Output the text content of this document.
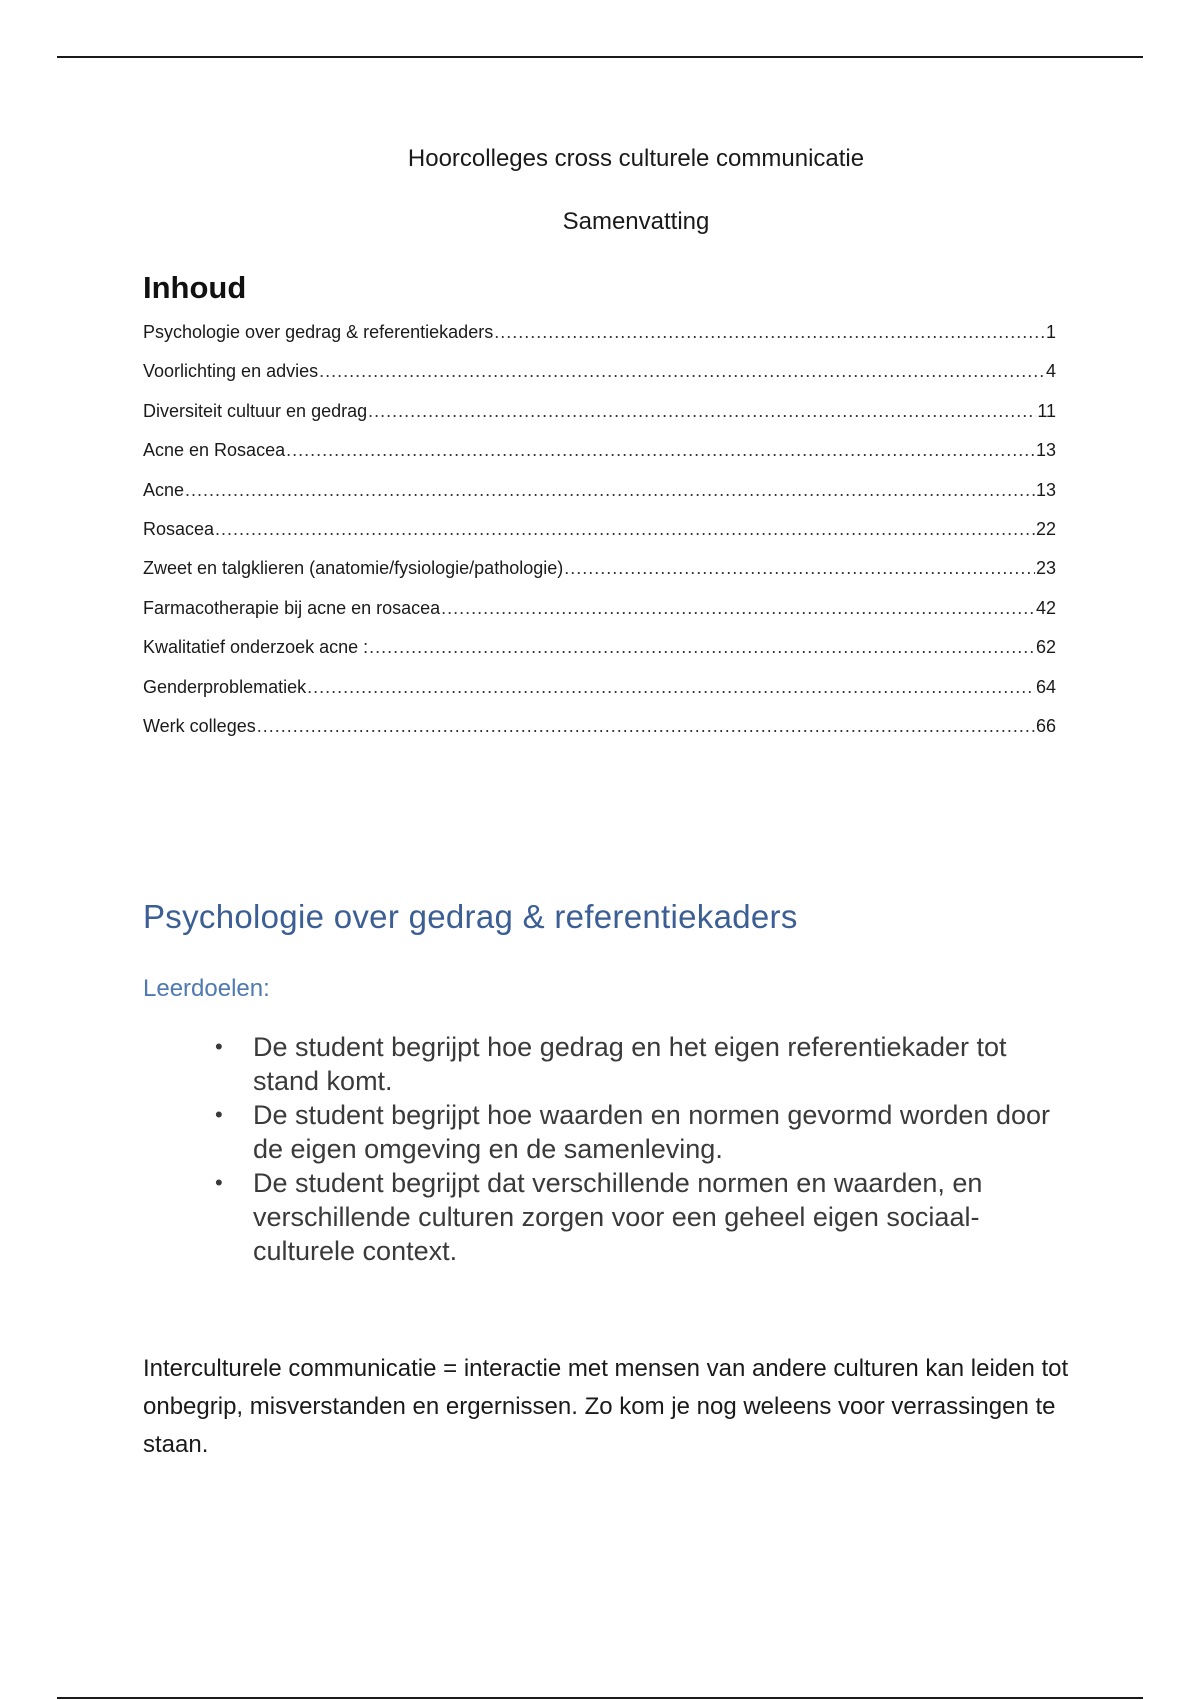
Hoorcolleges cross culturele communicatie
Samenvatting
Inhoud
Psychologie over gedrag & referentiekaders .....	1
Voorlichting en advies .....	4
Diversiteit cultuur en gedrag .....	11
Acne en Rosacea .....	13
Acne .....	13
Rosacea .....	22
Zweet en talgklieren (anatomie/fysiologie/pathologie) .....	23
Farmacotherapie bij acne en rosacea .....	42
Kwalitatief onderzoek acne : .....	62
Genderproblematiek .....	64
Werk colleges .....	66
Psychologie over gedrag & referentiekaders
Leerdoelen:
• De student begrijpt hoe gedrag en het eigen referentiekader tot stand komt.
• De student begrijpt hoe waarden en normen gevormd worden door de eigen omgeving en de samenleving.
• De student begrijpt dat verschillende normen en waarden, en verschillende culturen zorgen voor een geheel eigen sociaal-culturele context.

Interculturele communicatie = interactie met mensen van andere culturen kan leiden tot onbegrip, misverstanden en ergernissen. Zo kom je nog weleens voor verrassingen te staan.
